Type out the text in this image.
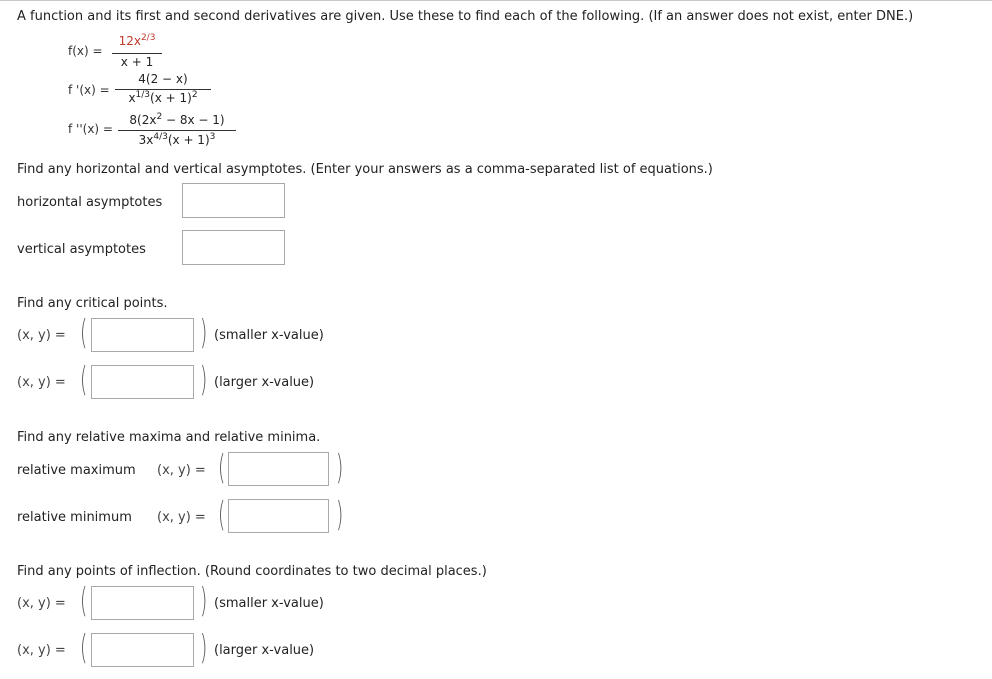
A function and its first and second derivatives are given. Use these to find each of the following. (If an answer does not exist, enter DNE.)
f(x) =
$12x^{2/3}$
x + 1
f '(x) =
4(2 − x)
$x^{1/3}(x + 1)^2$
f ''(x) =
$8(2x^2 - 8x - 1)$
$3x^{4/3}(x + 1)^3$
Find any horizontal and vertical asymptotes. (Enter your answers as a comma-separated list of equations.)
horizontal asymptotes
vertical asymptotes
Find any critical points.
(x, y) = (	) (smaller x-value)
(x, y) = (	) (larger x-value)
Find any relative maxima and relative minima.
relative maximum (x, y) = (	)
relative minimum (x, y) = (	)
Find any points of inflection. (Round coordinates to two decimal places.)
(x, y) = (	) (smaller x-value)
(x, y) = (	) (larger x-value)
